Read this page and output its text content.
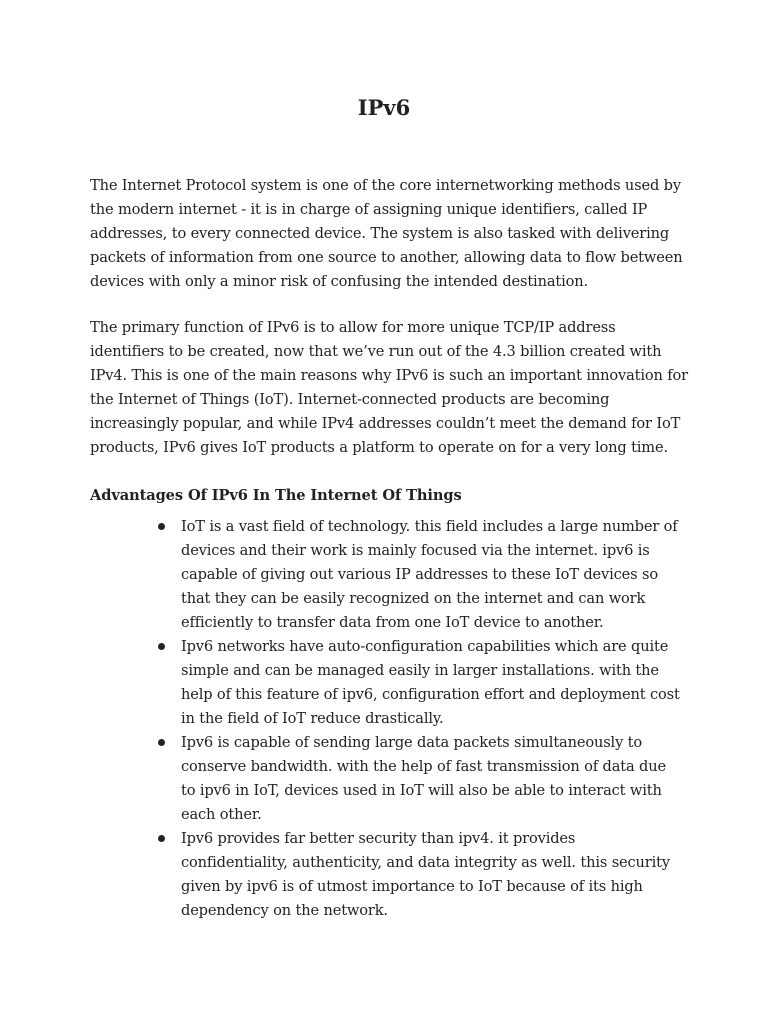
IPv6

The Internet Protocol system is one of the core internetworking methods used by the modern internet - it is in charge of assigning unique identifiers, called IP addresses, to every connected device. The system is also tasked with delivering packets of information from one source to another, allowing data to flow between devices with only a minor risk of confusing the intended destination.

The primary function of IPv6 is to allow for more unique TCP/IP address identifiers to be created, now that we’ve run out of the 4.3 billion created with IPv4. This is one of the main reasons why IPv6 is such an important innovation for the Internet of Things (IoT). Internet-connected products are becoming increasingly popular, and while IPv4 addresses couldn’t meet the demand for IoT products, IPv6 gives IoT products a platform to operate on for a very long time.

Advantages Of IPv6 In The Internet Of Things
IoT is a vast field of technology. this field includes a large number of devices and their work is mainly focused via the internet. ipv6 is capable of giving out various IP addresses to these IoT devices so that they can be easily recognized on the internet and can work efficiently to transfer data from one IoT device to another.
Ipv6 networks have auto-configuration capabilities which are quite simple and can be managed easily in larger installations. with the help of this feature of ipv6, configuration effort and deployment cost in the field of IoT reduce drastically.
Ipv6 is capable of sending large data packets simultaneously to conserve bandwidth. with the help of fast transmission of data due to ipv6 in IoT, devices used in IoT will also be able to interact with each other.
Ipv6 provides far better security than ipv4. it provides confidentiality, authenticity, and data integrity as well. this security given by ipv6 is of utmost importance to IoT because of its high dependency on the network.
